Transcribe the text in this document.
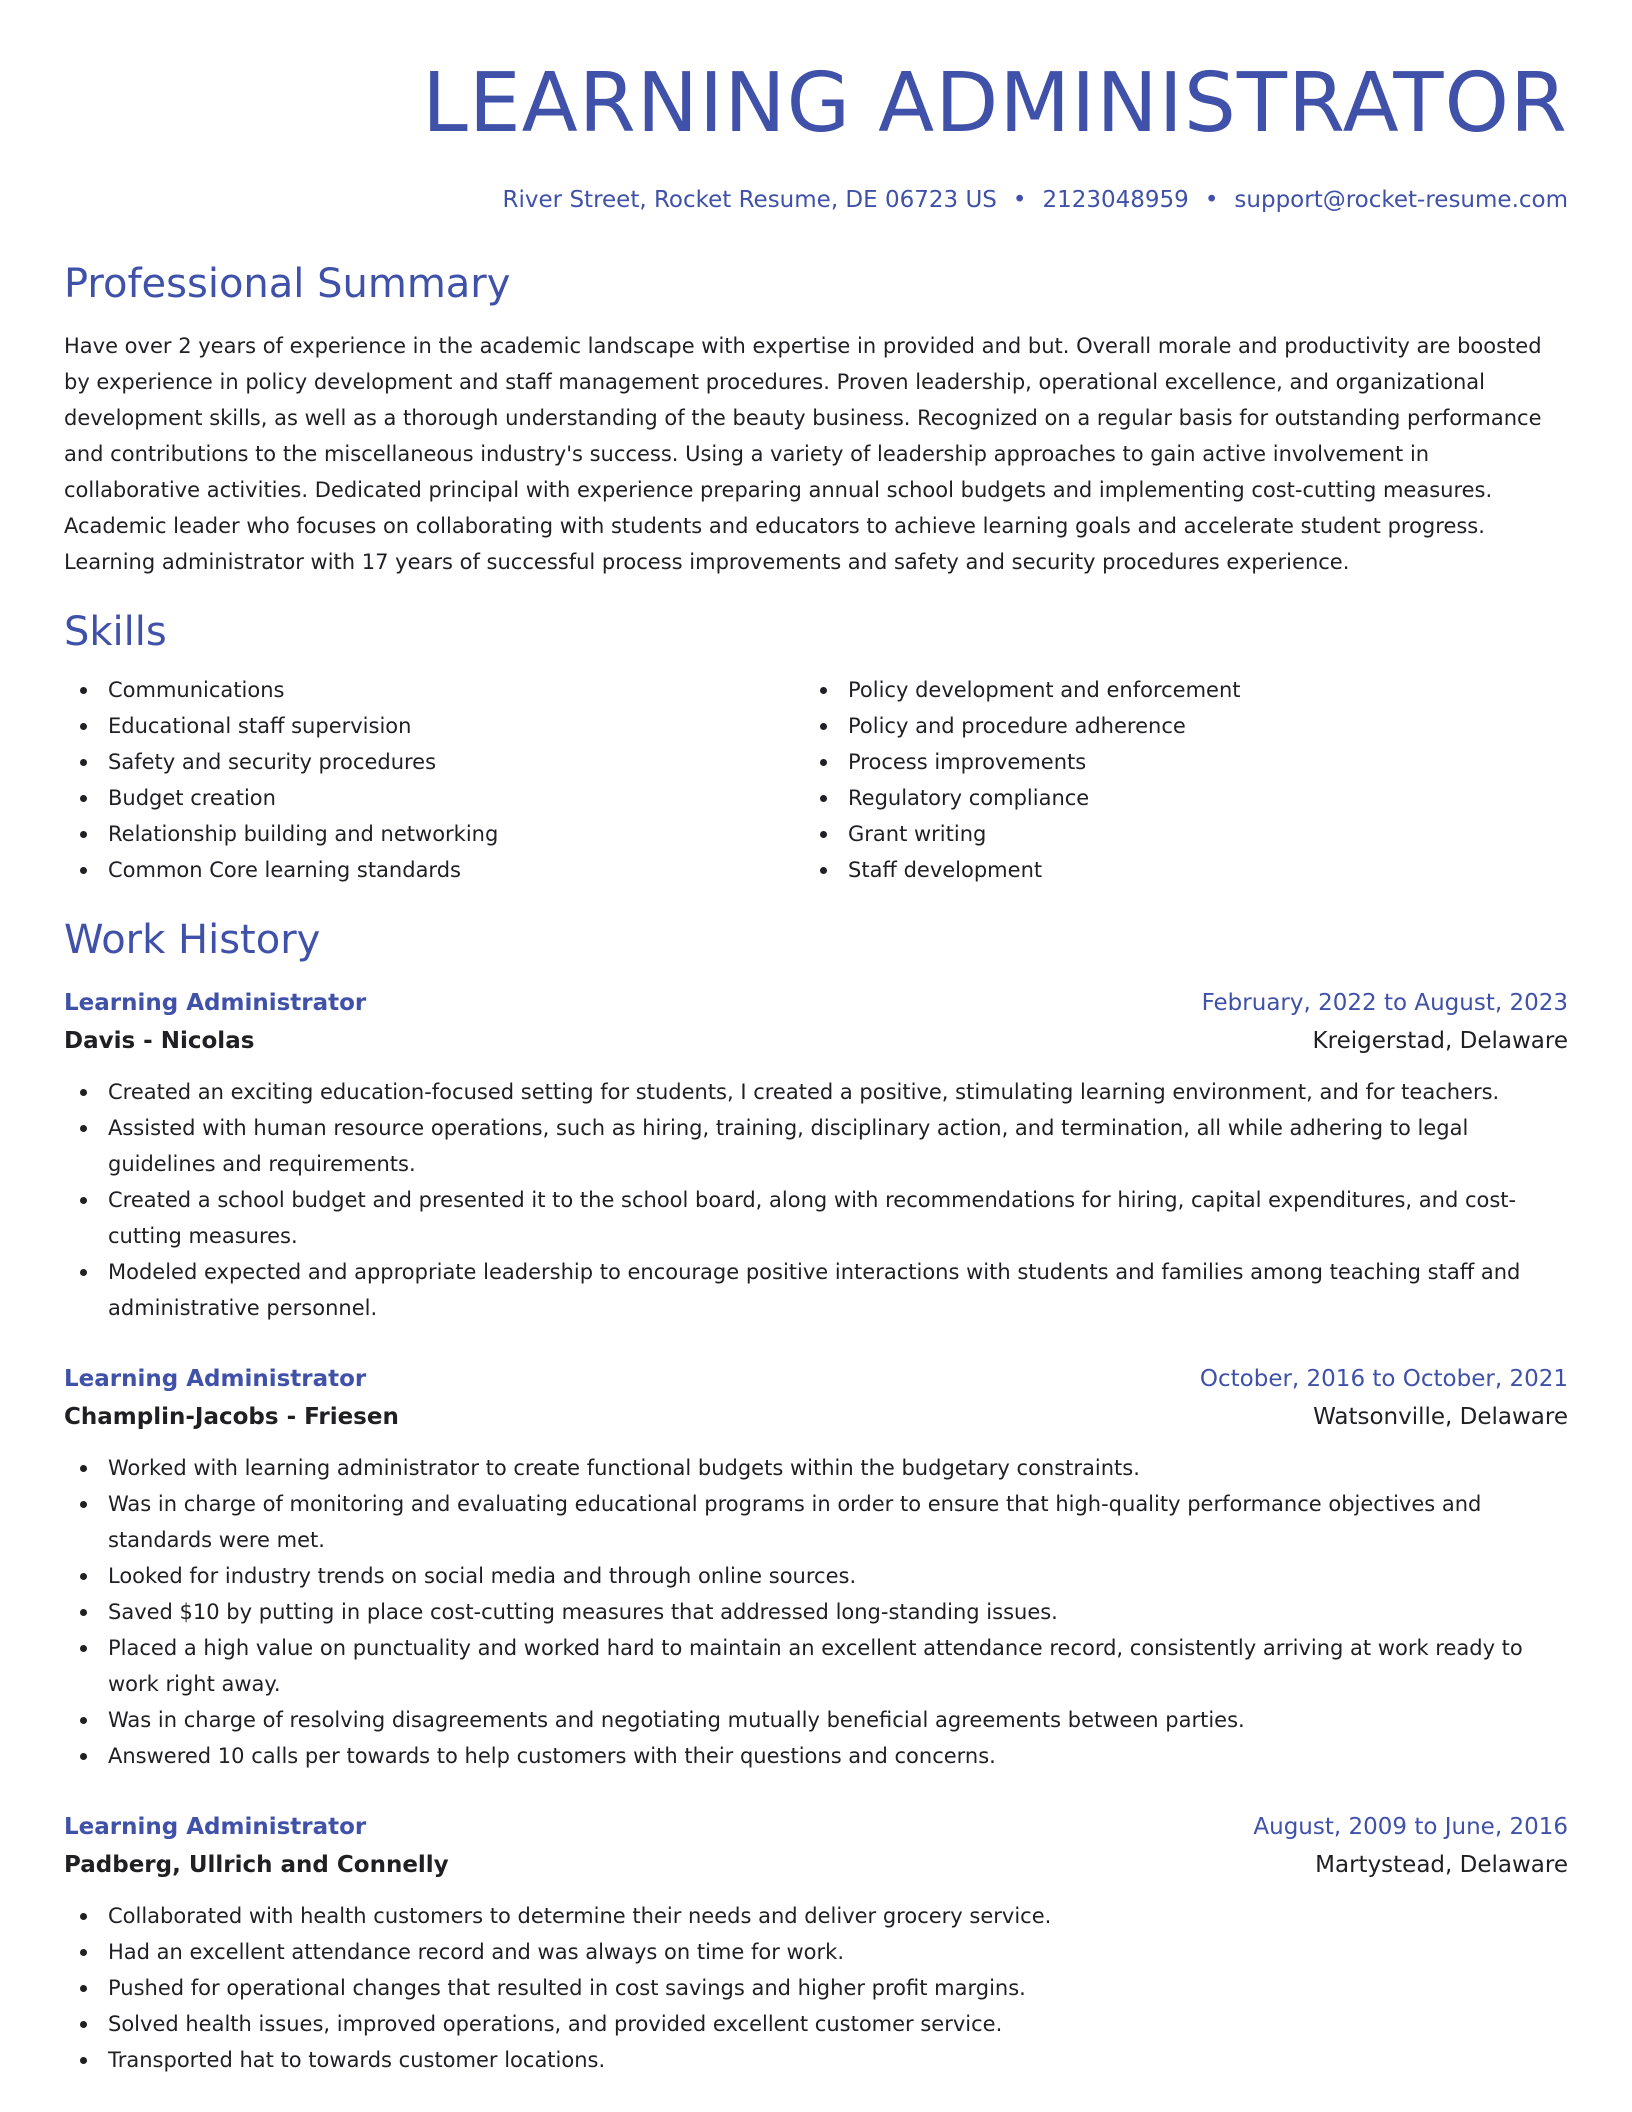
LEARNING ADMINISTRATOR
River Street, Rocket Resume, DE 06723 US • 2123048959 • support@rocket-resume.com
Professional Summary

Have over 2 years of experience in the academic landscape with expertise in provided and but. Overall morale and productivity are boosted by experience in policy development and staff management procedures. Proven leadership, operational excellence, and organizational development skills, as well as a thorough understanding of the beauty business. Recognized on a regular basis for outstanding performance and contributions to the miscellaneous industry's success. Using a variety of leadership approaches to gain active involvement in collaborative activities. Dedicated principal with experience preparing annual school budgets and implementing cost-cutting measures. Academic leader who focuses on collaborating with students and educators to achieve learning goals and accelerate student progress. Learning administrator with 17 years of successful process improvements and safety and security procedures experience.

Skills
Communications
Educational staff supervision
Safety and security procedures
Budget creation
Relationship building and networking
Common Core learning standards
Policy development and enforcement
Policy and procedure adherence
Process improvements
Regulatory compliance
Grant writing
Staff development
Work History
Learning Administrator	February, 2022 to August, 2023
Davis - Nicolas	Kreigerstad, Delaware
Created an exciting education-focused setting for students, I created a positive, stimulating learning environment, and for teachers.
Assisted with human resource operations, such as hiring, training, disciplinary action, and termination, all while adhering to legal guidelines and requirements.
Created a school budget and presented it to the school board, along with recommendations for hiring, capital expenditures, and cost-cutting measures.
Modeled expected and appropriate leadership to encourage positive interactions with students and families among teaching staff and administrative personnel.
Learning Administrator	October, 2016 to October, 2021
Champlin-Jacobs - Friesen	Watsonville, Delaware
Worked with learning administrator to create functional budgets within the budgetary constraints.
Was in charge of monitoring and evaluating educational programs in order to ensure that high-quality performance objectives and standards were met.
Looked for industry trends on social media and through online sources.
Saved $10 by putting in place cost-cutting measures that addressed long-standing issues.
Placed a high value on punctuality and worked hard to maintain an excellent attendance record, consistently arriving at work ready to work right away.
Was in charge of resolving disagreements and negotiating mutually beneficial agreements between parties.
Answered 10 calls per towards to help customers with their questions and concerns.
Learning Administrator	August, 2009 to June, 2016
Padberg, Ullrich and Connelly	Martystead, Delaware
Collaborated with health customers to determine their needs and deliver grocery service.
Had an excellent attendance record and was always on time for work.
Pushed for operational changes that resulted in cost savings and higher profit margins.
Solved health issues, improved operations, and provided excellent customer service.
Transported hat to towards customer locations.
